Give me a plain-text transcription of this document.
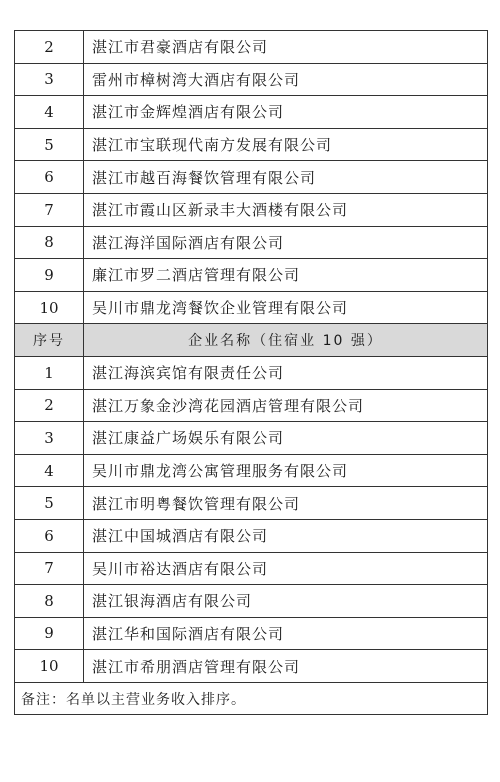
2	湛江市君豪酒店有限公司
3	雷州市樟树湾大酒店有限公司
4	湛江市金辉煌酒店有限公司
5	湛江市宝联现代南方发展有限公司
6	湛江市越百海餐饮管理有限公司
7	湛江市霞山区新录丰大酒楼有限公司
8	湛江海洋国际酒店有限公司
9	廉江市罗二酒店管理有限公司
10	吴川市鼎龙湾餐饮企业管理有限公司
序号	企业名称（住宿业 10 强）
1	湛江海滨宾馆有限责任公司
2	湛江万象金沙湾花园酒店管理有限公司
3	湛江康益广场娱乐有限公司
4	吴川市鼎龙湾公寓管理服务有限公司
5	湛江市明粤餐饮管理有限公司
6	湛江中国城酒店有限公司
7	吴川市裕达酒店有限公司
8	湛江银海酒店有限公司
9	湛江华和国际酒店有限公司
10	湛江市希朋酒店管理有限公司
备注：名单以主营业务收入排序。	
